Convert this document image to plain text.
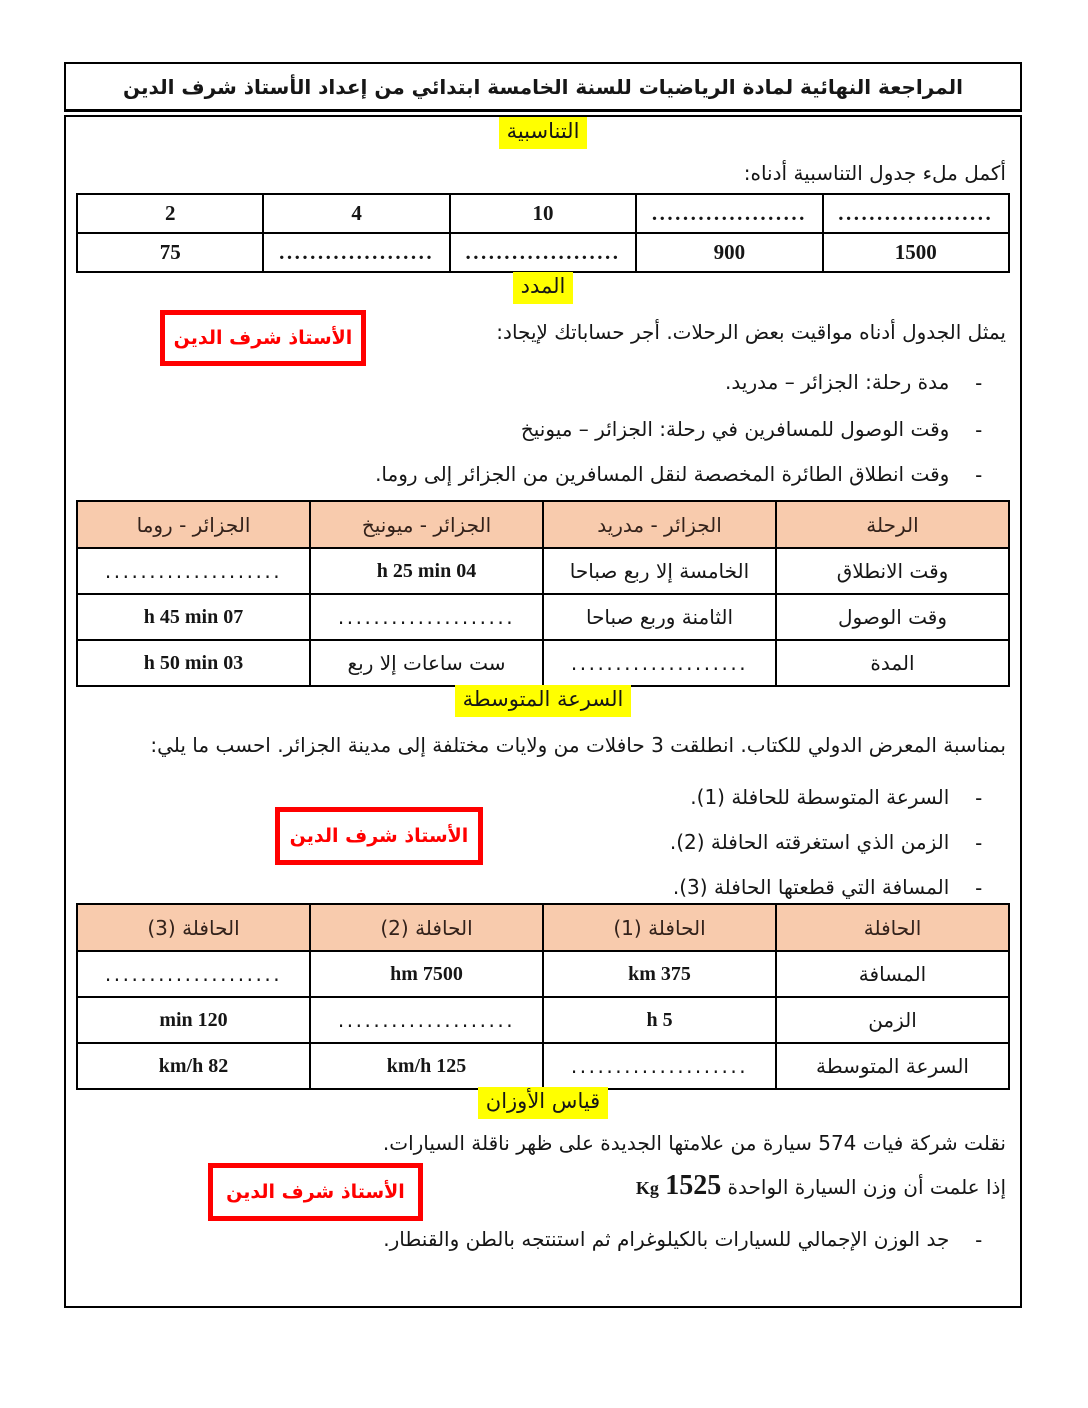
المراجعة النهائية لمادة الرياضيات للسنة الخامسة ابتدائي من إعداد الأستاذ شرف الدين
التناسبية
أكمل ملء جدول التناسبية أدناه:
2	4	10	....................	....................
75	....................	....................	900	1500
المدد
الأستاذ شرف الدين	يمثل الجدول أدناه مواقيت بعض الرحلات. أجر حساباتك لإيجاد:
-
مدة رحلة: الجزائر – مدريد.
-
وقت الوصول للمسافرين في رحلة: الجزائر – ميونيخ
-
وقت انطلاق الطائرة المخصصة لنقل المسافرين من الجزائر إلى روما.
الرحلة	الجزائر - مدريد	الجزائر - ميونيخ	الجزائر - روما
وقت الانطلاق	الخامسة إلا ربع صباحا	04 h 25 min	....................
وقت الوصول	الثامنة وربع صباحا	....................	07 h 45 min
المدة	....................	ست ساعات إلا ربع	03 h 50 min
السرعة المتوسطة
بمناسبة المعرض الدولي للكتاب. انطلقت 3 حافلات من ولايات مختلفة إلى مدينة الجزائر. احسب ما يلي:
-
السرعة المتوسطة للحافلة (1).
-
الزمن الذي استغرقته الحافلة (2).
-
المسافة التي قطعتها الحافلة (3).
الأستاذ شرف الدين
الحافلة	الحافلة (1)	الحافلة (2)	الحافلة (3)
المسافة	375 km	7500 hm	....................
الزمن	5 h	....................	120 min
السرعة المتوسطة	....................	125 km/h	82 km/h
قياس الأوزان
نقلت شركة فيات 574 سيارة من علامتها الجديدة على ظهر ناقلة السيارات.
الأستاذ شرف الدين	إذا علمت أن وزن السيارة الواحدة 1525 Kg
-
جد الوزن الإجمالي للسيارات بالكيلوغرام ثم استنتجه بالطن والقنطار.
